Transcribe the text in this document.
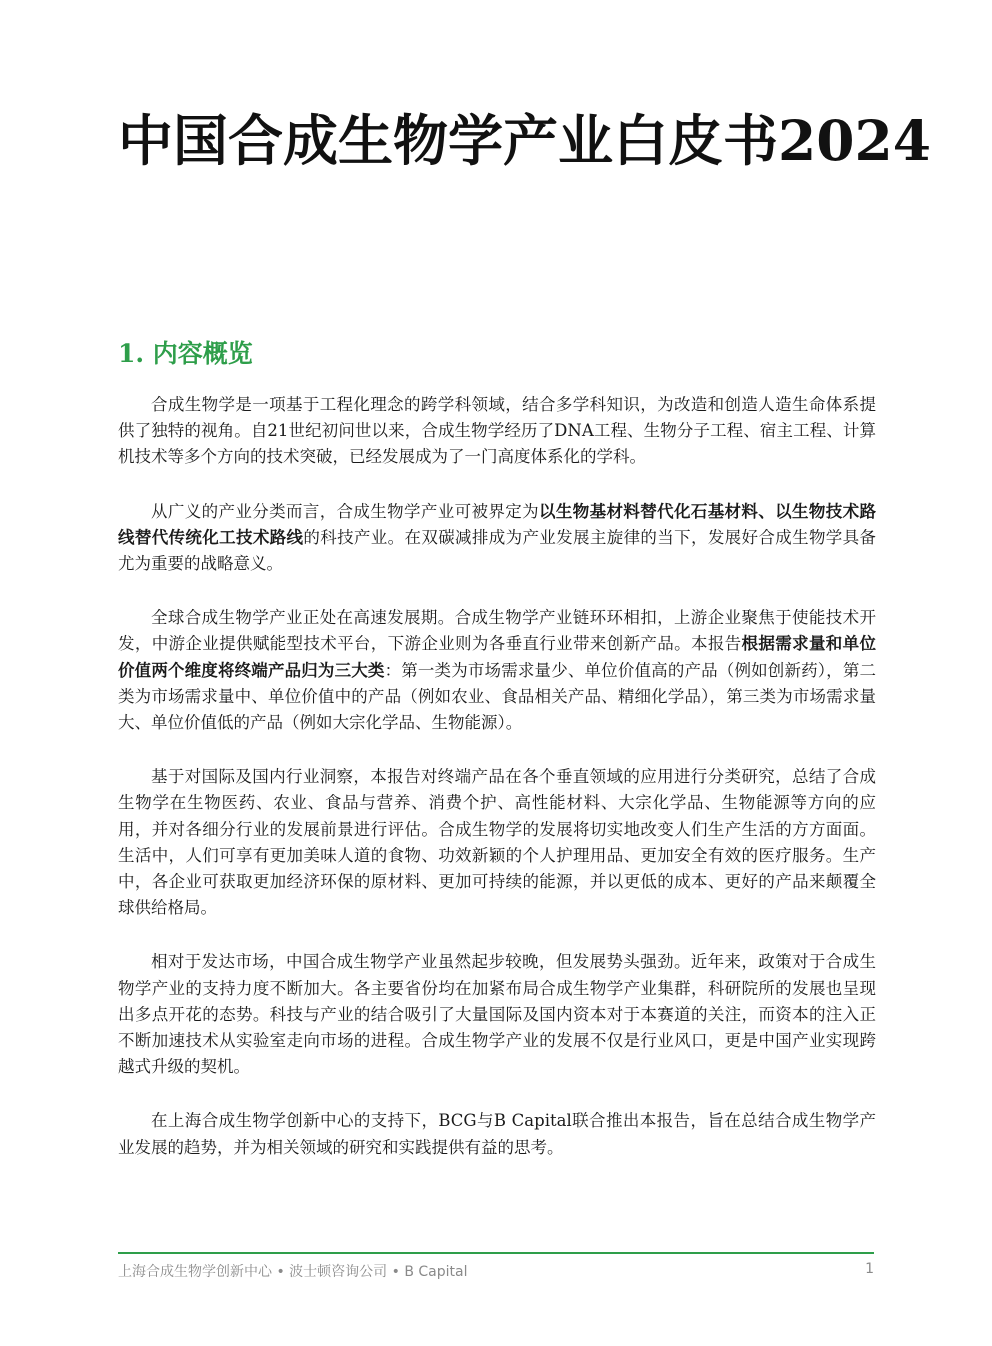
中国合成生物学产业白皮书2024
1. 内容概览

合成生物学是一项基于工程化理念的跨学科领域，结合多学科知识，为改造和创造人造生命体系提供了独特的视角。自21世纪初问世以来，合成生物学经历了DNA工程、生物分子工程、宿主工程、计算机技术等多个方向的技术突破，已经发展成为了一门高度体系化的学科。

从广义的产业分类而言，合成生物学产业可被界定为以生物基材料替代化石基材料、以生物技术路线替代传统化工技术路线的科技产业。在双碳减排成为产业发展主旋律的当下，发展好合成生物学具备尤为重要的战略意义。

全球合成生物学产业正处在高速发展期。合成生物学产业链环环相扣，上游企业聚焦于使能技术开发，中游企业提供赋能型技术平台，下游企业则为各垂直行业带来创新产品。本报告根据需求量和单位价值两个维度将终端产品归为三大类：第一类为市场需求量少、单位价值高的产品（例如创新药），第二类为市场需求量中、单位价值中的产品（例如农业、食品相关产品、精细化学品），第三类为市场需求量大、单位价值低的产品（例如大宗化学品、生物能源）。

基于对国际及国内行业洞察，本报告对终端产品在各个垂直领域的应用进行分类研究，总结了合成生物学在生物医药、农业、食品与营养、消费个护、高性能材料、大宗化学品、生物能源等方向的应用，并对各细分行业的发展前景进行评估。合成生物学的发展将切实地改变人们生产生活的方方面面。生活中，人们可享有更加美味人道的食物、功效新颖的个人护理用品、更加安全有效的医疗服务。生产中，各企业可获取更加经济环保的原材料、更加可持续的能源，并以更低的成本、更好的产品来颠覆全球供给格局。

相对于发达市场，中国合成生物学产业虽然起步较晚，但发展势头强劲。近年来，政策对于合成生物学产业的支持力度不断加大。各主要省份均在加紧布局合成生物学产业集群，科研院所的发展也呈现出多点开花的态势。科技与产业的结合吸引了大量国际及国内资本对于本赛道的关注，而资本的注入正不断加速技术从实验室走向市场的进程。合成生物学产业的发展不仅是行业风口，更是中国产业实现跨越式升级的契机。

在上海合成生物学创新中心的支持下，BCG与B Capital联合推出本报告，旨在总结合成生物学产业发展的趋势，并为相关领域的研究和实践提供有益的思考。

上海合成生物学创新中心 • 波士顿咨询公司 • B Capital	1
